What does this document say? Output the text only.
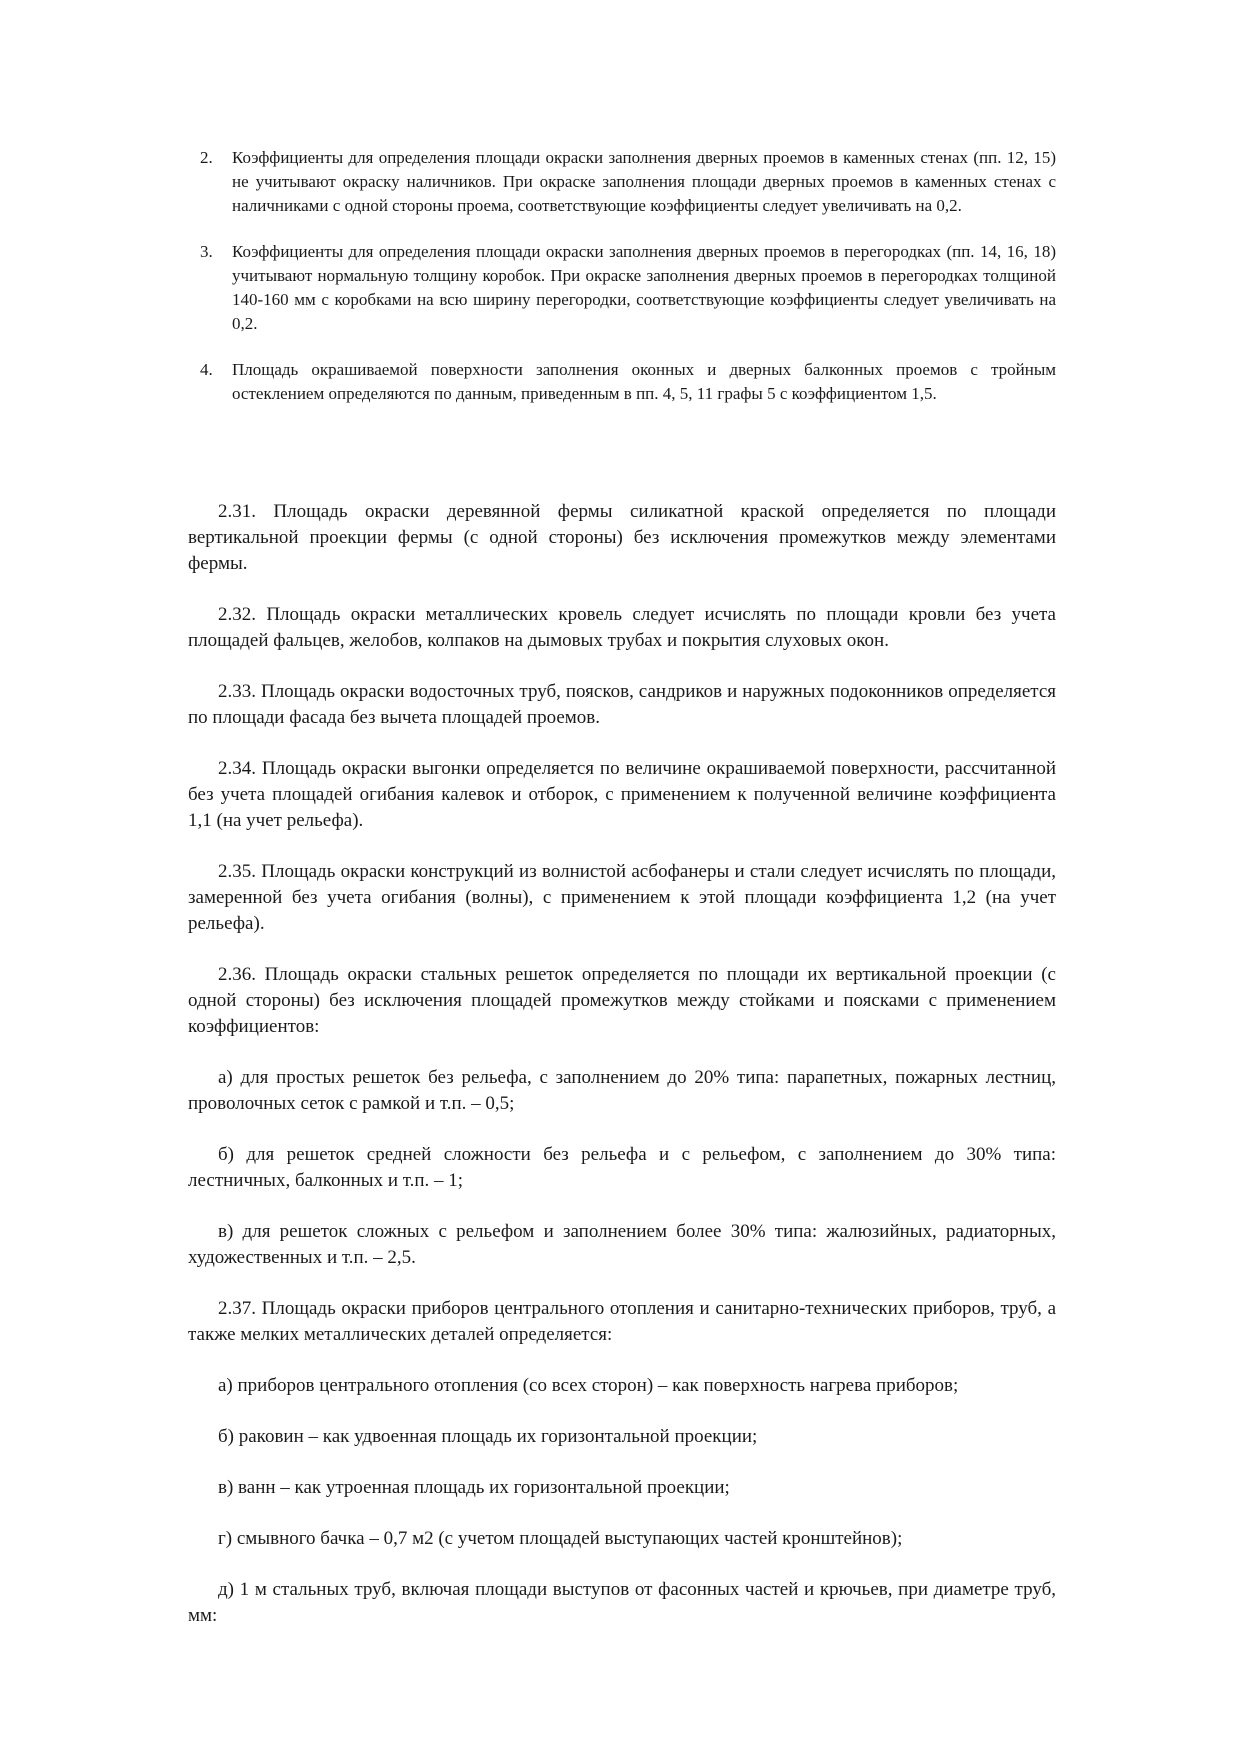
2.	Коэффициенты для определения площади окраски заполнения дверных проемов в каменных стенах (пп. 12, 15) не учитывают окраску наличников. При окраске заполнения площади дверных проемов в каменных стенах с наличниками с одной стороны проема, соответствующие коэффициенты следует увеличивать на 0,2.
3.	Коэффициенты для определения площади окраски заполнения дверных проемов в перегородках (пп. 14, 16, 18) учитывают нормальную толщину коробок. При окраске заполнения дверных проемов в перегородках толщиной 140-160 мм с коробками на всю ширину перегородки, соответствующие коэффициенты следует увеличивать на 0,2.
4.	Площадь окрашиваемой поверхности заполнения оконных и дверных балконных проемов с тройным остеклением определяются по данным, приведенным в пп. 4, 5, 11 графы 5 с коэффициентом 1,5.

2.31. Площадь окраски деревянной фермы силикатной краской определяется по площади вертикальной проекции фермы (с одной стороны) без исключения промежутков между элементами фермы.

2.32. Площадь окраски металлических кровель следует исчислять по площади кровли без учета площадей фальцев, желобов, колпаков на дымовых трубах и покрытия слуховых окон.

2.33. Площадь окраски водосточных труб, поясков, сандриков и наружных подоконников определяется по площади фасада без вычета площадей проемов.

2.34. Площадь окраски выгонки определяется по величине окрашиваемой поверхности, рассчитанной без учета площадей огибания калевок и отборок, с применением к полученной величине коэффициента 1,1 (на учет рельефа).

2.35. Площадь окраски конструкций из волнистой асбофанеры и стали следует исчислять по площади, замеренной без учета огибания (волны), с применением к этой площади коэффициента 1,2 (на учет рельефа).

2.36. Площадь окраски стальных решеток определяется по площади их вертикальной проекции (с одной стороны) без исключения площадей промежутков между стойками и поясками с применением коэффициентов:

а) для простых решеток без рельефа, с заполнением до 20% типа: парапетных, пожарных лестниц, проволочных сеток с рамкой и т.п. – 0,5;

б) для решеток средней сложности без рельефа и с рельефом, с заполнением до 30% типа: лестничных, балконных и т.п. – 1;

в) для решеток сложных с рельефом и заполнением более 30% типа: жалюзийных, радиаторных, художественных и т.п. – 2,5.

2.37. Площадь окраски приборов центрального отопления и санитарно-технических приборов, труб, а также мелких металлических деталей определяется:

а) приборов центрального отопления (со всех сторон) – как поверхность нагрева приборов;

б) раковин – как удвоенная площадь их горизонтальной проекции;

в) ванн – как утроенная площадь их горизонтальной проекции;

г) смывного бачка – 0,7 м2 (с учетом площадей выступающих частей кронштейнов);

д) 1 м стальных труб, включая площади выступов от фасонных частей и крючьев, при диаметре труб, мм:
